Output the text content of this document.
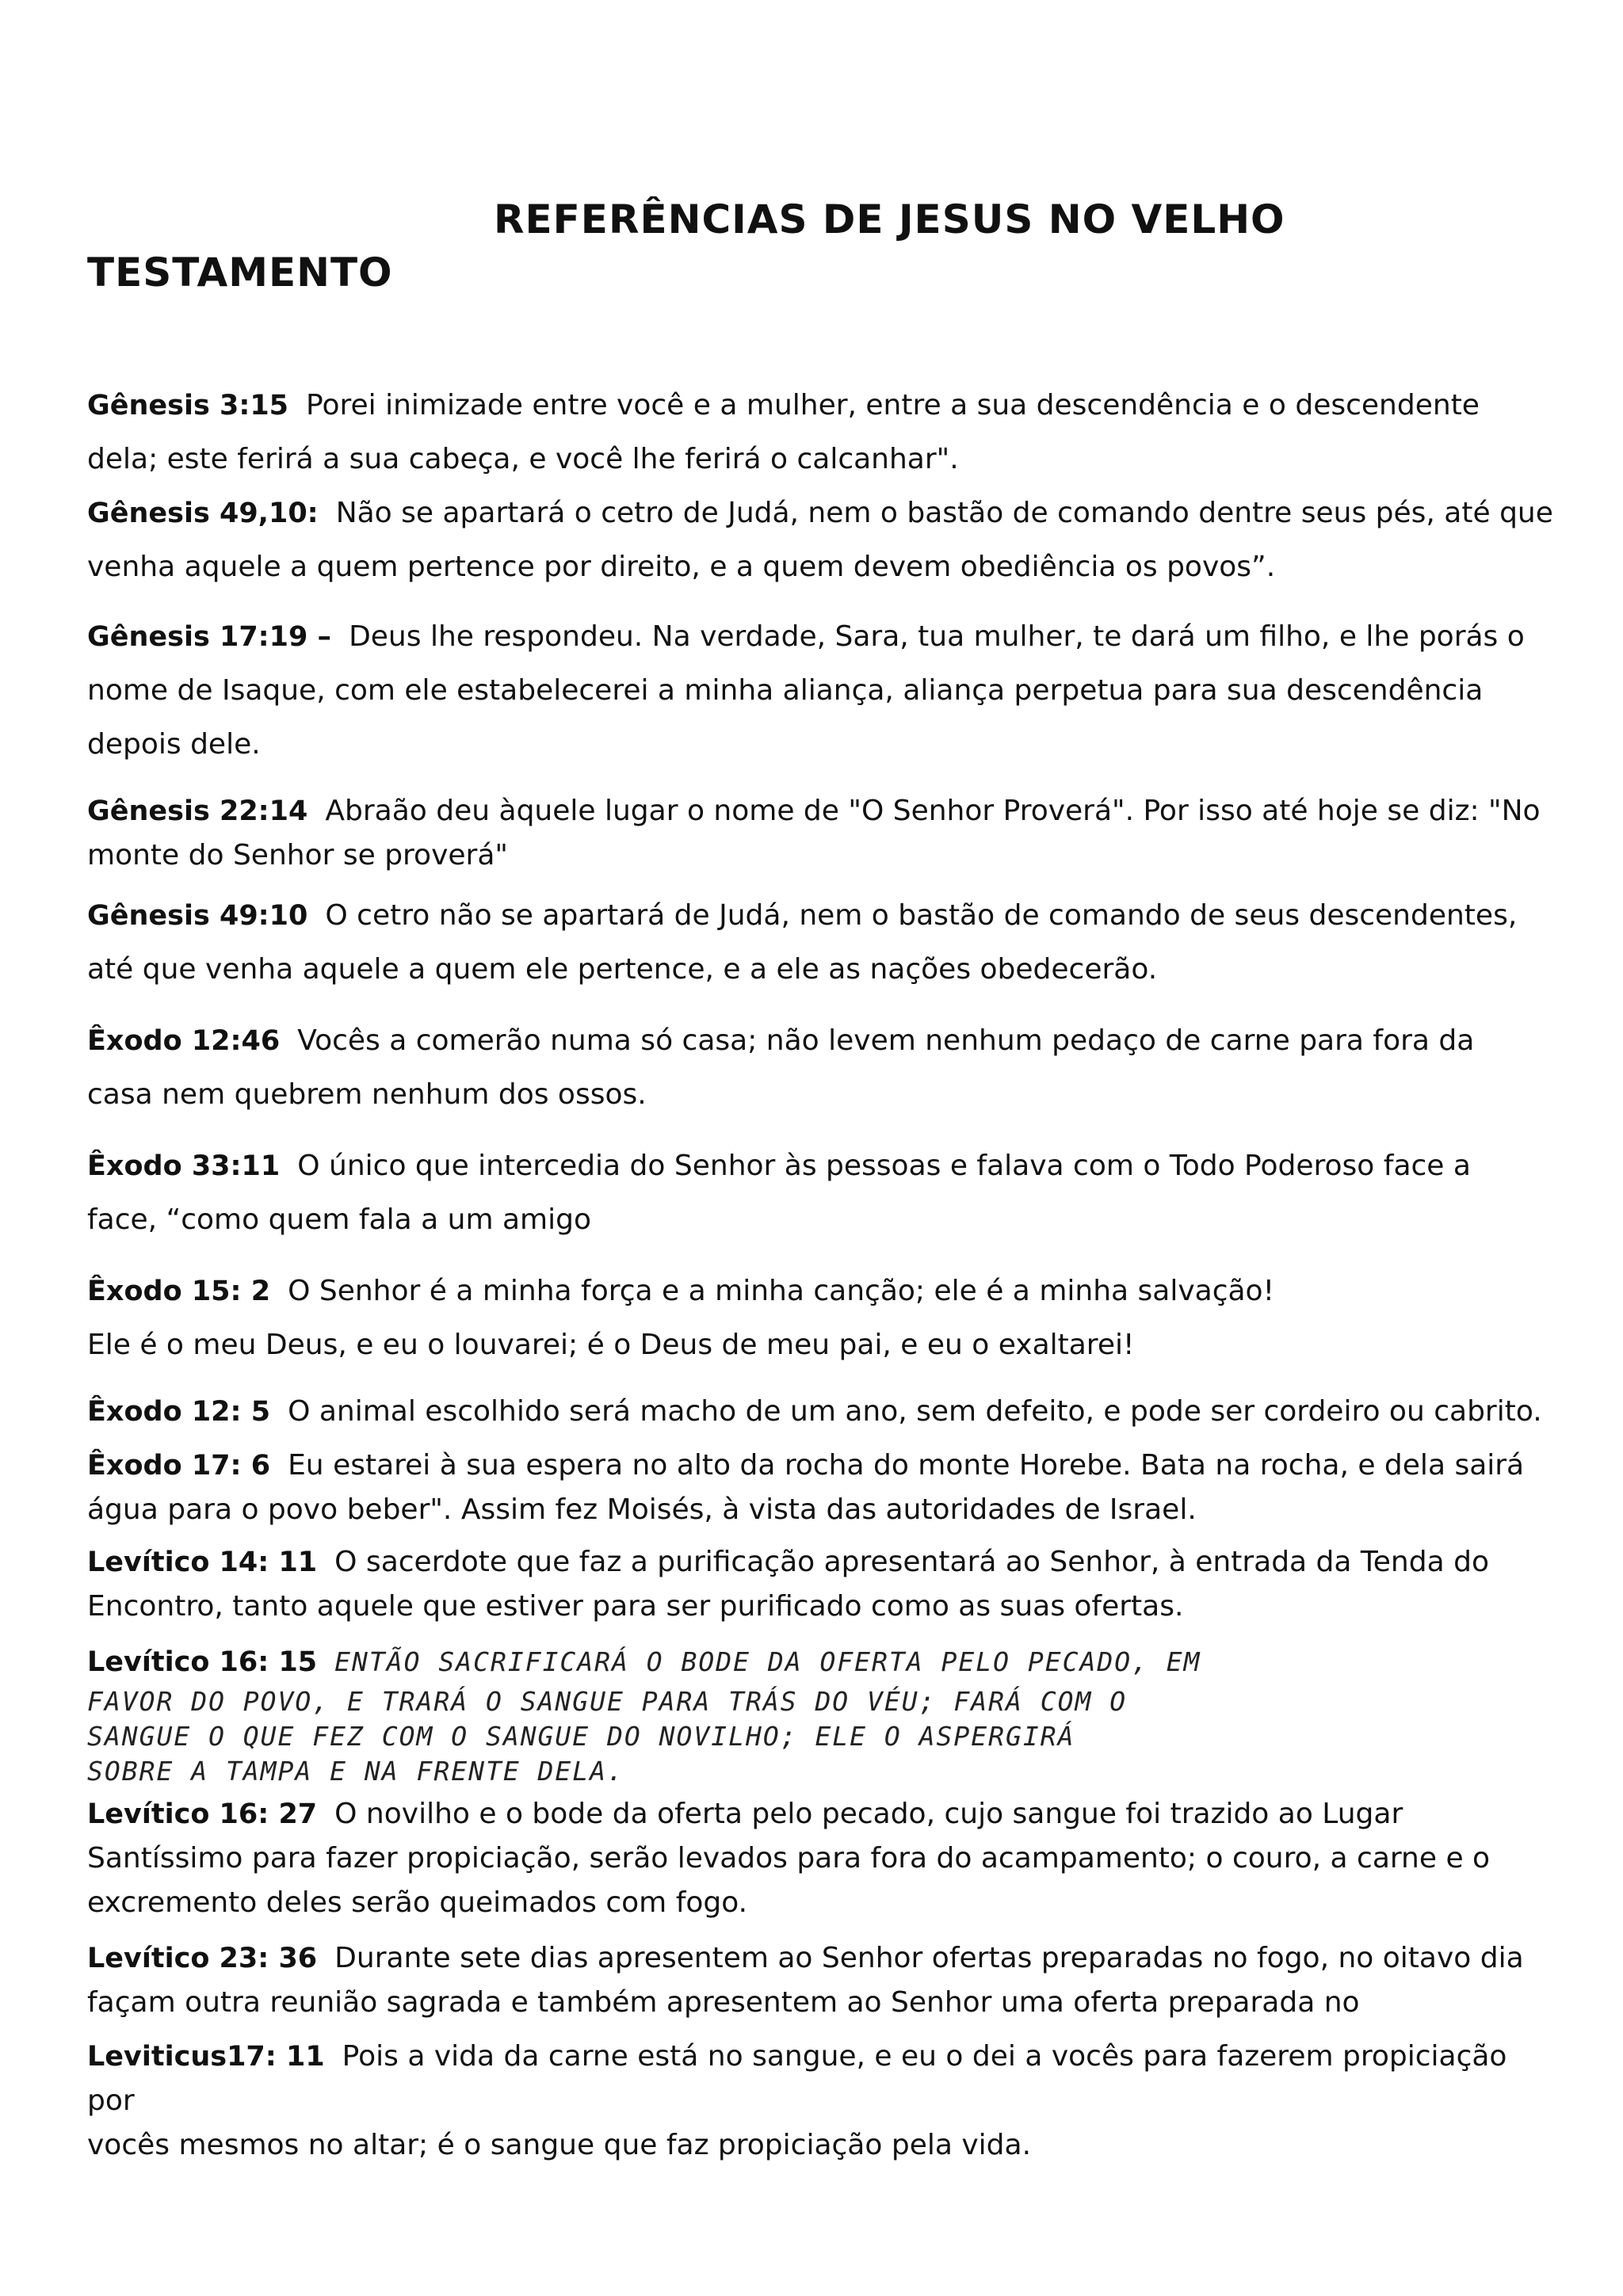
REFERÊNCIAS DE JESUS NO VELHO
TESTAMENTO
Gênesis 3:15 Porei inimizade entre você e a mulher, entre a sua descendência e o descendente
dela; este ferirá a sua cabeça, e você lhe ferirá o calcanhar".
Gênesis 49,10: Não se apartará o cetro de Judá, nem o bastão de comando dentre seus pés, até que
venha aquele a quem pertence por direito, e a quem devem obediência os povos”.
Gênesis 17:19 – Deus lhe respondeu. Na verdade, Sara, tua mulher, te dará um filho, e lhe porás o
nome de Isaque, com ele estabelecerei a minha aliança, aliança perpetua para sua descendência
depois dele.
Gênesis 22:14 Abraão deu àquele lugar o nome de "O Senhor Proverá". Por isso até hoje se diz: "No
monte do Senhor se proverá"
Gênesis 49:10 O cetro não se apartará de Judá, nem o bastão de comando de seus descendentes,
até que venha aquele a quem ele pertence, e a ele as nações obedecerão.
Êxodo 12:46 Vocês a comerão numa só casa; não levem nenhum pedaço de carne para fora da
casa nem quebrem nenhum dos ossos.
Êxodo 33:11 O único que intercedia do Senhor às pessoas e falava com o Todo Poderoso face a
face, “como quem fala a um amigo
Êxodo 15: 2 O Senhor é a minha força e a minha canção; ele é a minha salvação!
Ele é o meu Deus, e eu o louvarei; é o Deus de meu pai, e eu o exaltarei!
Êxodo 12: 5 O animal escolhido será macho de um ano, sem defeito, e pode ser cordeiro ou cabrito.
Êxodo 17: 6 Eu estarei à sua espera no alto da rocha do monte Horebe. Bata na rocha, e dela sairá
água para o povo beber". Assim fez Moisés, à vista das autoridades de Israel.
Levítico 14: 11 O sacerdote que faz a purificação apresentará ao Senhor, à entrada da Tenda do
Encontro, tanto aquele que estiver para ser purificado como as suas ofertas.
Levítico 16: 15 ENTÃO SACRIFICARÁ O BODE DA OFERTA PELO PECADO, EM
FAVOR DO POVO, E TRARÁ O SANGUE PARA TRÁS DO VÉU; FARÁ COM O
SANGUE O QUE FEZ COM O SANGUE DO NOVILHO; ELE O ASPERGIRÁ
SOBRE A TAMPA E NA FRENTE DELA.
Levítico 16: 27 O novilho e o bode da oferta pelo pecado, cujo sangue foi trazido ao Lugar
Santíssimo para fazer propiciação, serão levados para fora do acampamento; o couro, a carne e o
excremento deles serão queimados com fogo.
Levítico 23: 36 Durante sete dias apresentem ao Senhor ofertas preparadas no fogo, no oitavo dia
façam outra reunião sagrada e também apresentem ao Senhor uma oferta preparada no
Leviticus17: 11 Pois a vida da carne está no sangue, e eu o dei a vocês para fazerem propiciação por
vocês mesmos no altar; é o sangue que faz propiciação pela vida.
